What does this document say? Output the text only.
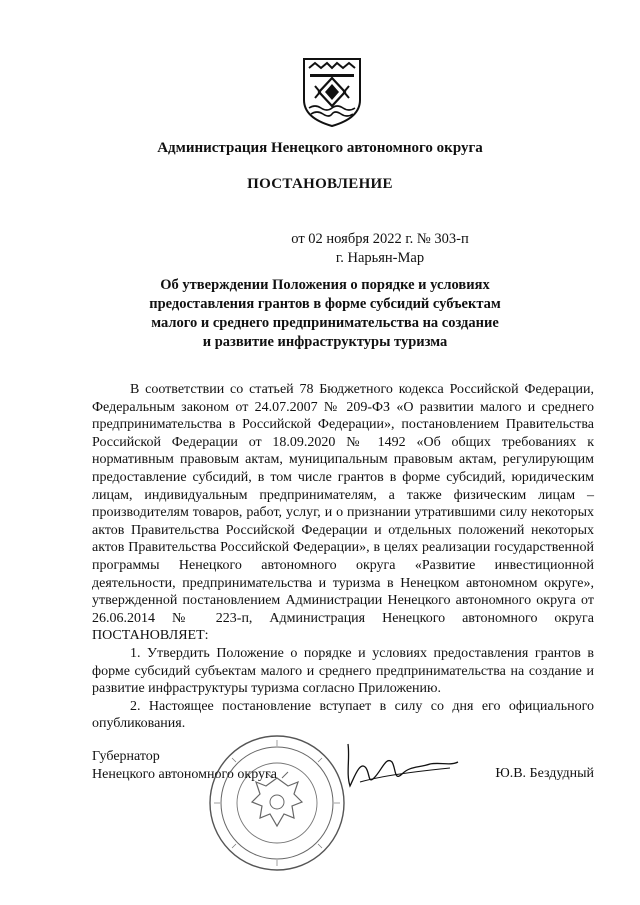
Администрация Ненецкого автономного округа
ПОСТАНОВЛЕНИЕ
от 02 ноября 2022 г. № 303-п
г. Нарьян-Мар
Об утверждении Положения о порядке и условиях
предоставления грантов в форме субсидий субъектам
малого и среднего предпринимательства на создание
и развитие инфраструктуры туризма

В соответствии со статьей 78 Бюджетного кодекса Российской Федерации, Федеральным законом от 24.07.2007 № 209-ФЗ «О развитии малого и среднего предпринимательства в Российской Федерации», постановлением Правительства Российской Федерации от 18.09.2020 № 1492 «Об общих требованиях к нормативным правовым актам, муниципальным правовым актам, регулирующим предоставление субсидий, в том числе грантов в форме субсидий, юридическим лицам, индивидуальным предпринимателям, а также физическим лицам – производителям товаров, работ, услуг, и о признании утратившими силу некоторых актов Правительства Российской Федерации и отдельных положений некоторых актов Правительства Российской Федерации», в целях реализации государственной программы Ненецкого автономного округа «Развитие инвестиционной деятельности, предпринимательства и туризма в Ненецком автономном округе», утвержденной постановлением Администрации Ненецкого автономного округа от 26.06.2014 № 223-п, Администрация Ненецкого автономного округа ПОСТАНОВЛЯЕТ:

1. Утвердить Положение о порядке и условиях предоставления грантов в форме субсидий субъектам малого и среднего предпринимательства на создание и развитие инфраструктуры туризма согласно Приложению.

2. Настоящее постановление вступает в силу со дня его официального опубликования.

Губернатор
Ненецкого автономного округа	Ю.В. Бездудный
